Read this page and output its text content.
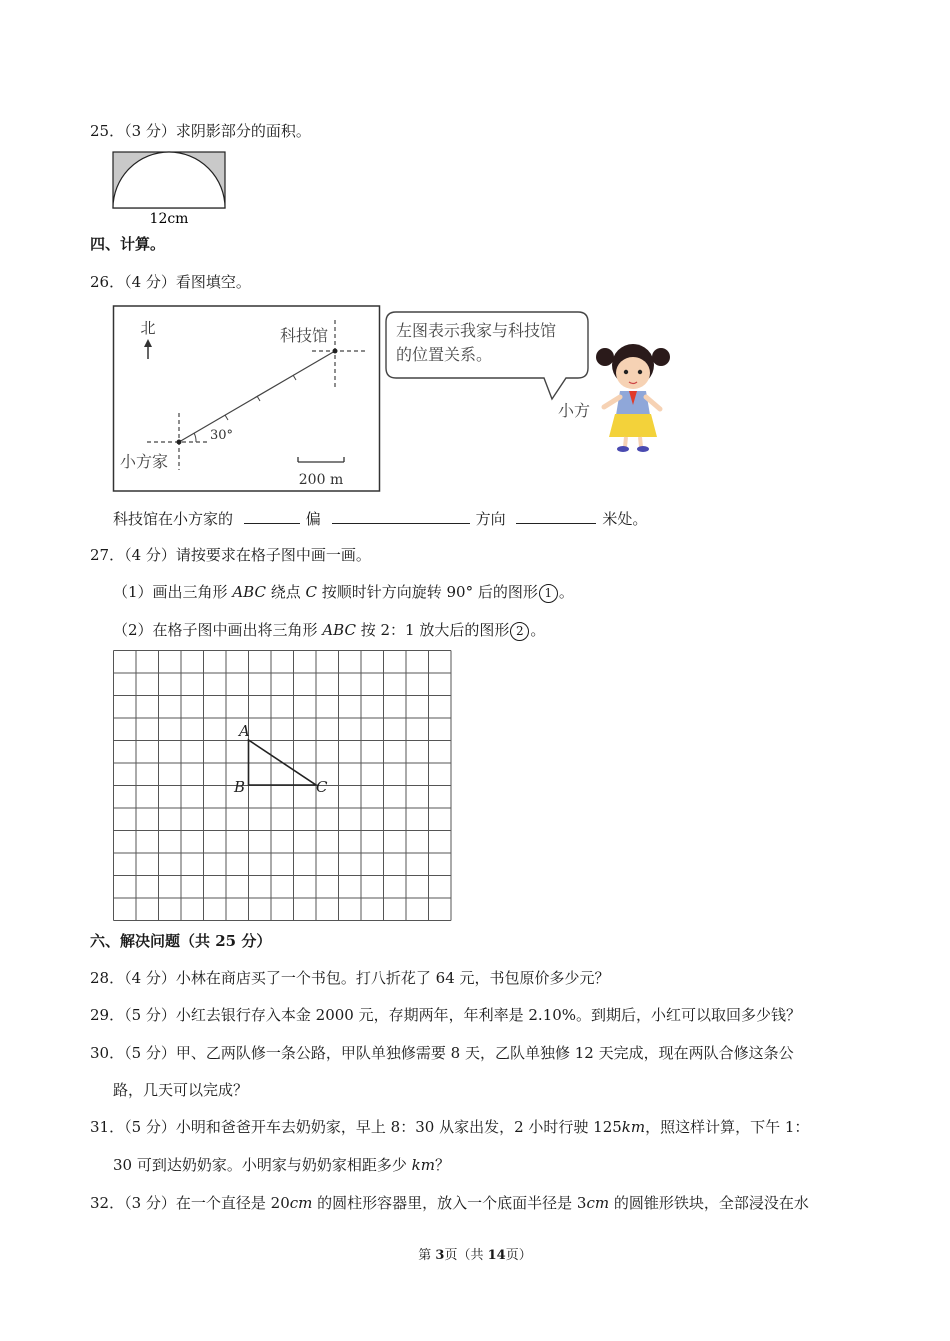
25．（3 分）求阴影部分的面积。
12cm
四、计算。
26．（4 分）看图填空。
北	科技馆
30°
小方家
200 m
左图表示我家与科技馆
的位置关系。
小方
科技馆在小方家的	偏	方向	米处。
27．（4 分）请按要求在格子图中画一画。
（1）画出三角形 ABC 绕点 C 按顺时针方向旋转 90° 后的图形 1 。
（2）在格子图中画出将三角形 ABC 按 2：1 放大后的图形 2 。
A
B	C
六、解决问题（共 25 分）
28．（4 分）小林在商店买了一个书包。打八折花了 64 元，书包原价多少元？
29．（5 分）小红去银行存入本金 2000 元，存期两年，年利率是 2.10%。到期后，小红可以取回多少钱？
30．（5 分）甲、乙两队修一条公路，甲队单独修需要 8 天，乙队单独修 12 天完成，现在两队合修这条公
路，几天可以完成？
31．（5 分）小明和爸爸开车去奶奶家，早上 8：30 从家出发，2 小时行驶 125km，照这样计算，下午 1：
30 可到达奶奶家。小明家与奶奶家相距多少 km？
32．（3 分）在一个直径是 20cm 的圆柱形容器里，放入一个底面半径是 3cm 的圆锥形铁块，全部浸没在水
第 3页（共 14页）
